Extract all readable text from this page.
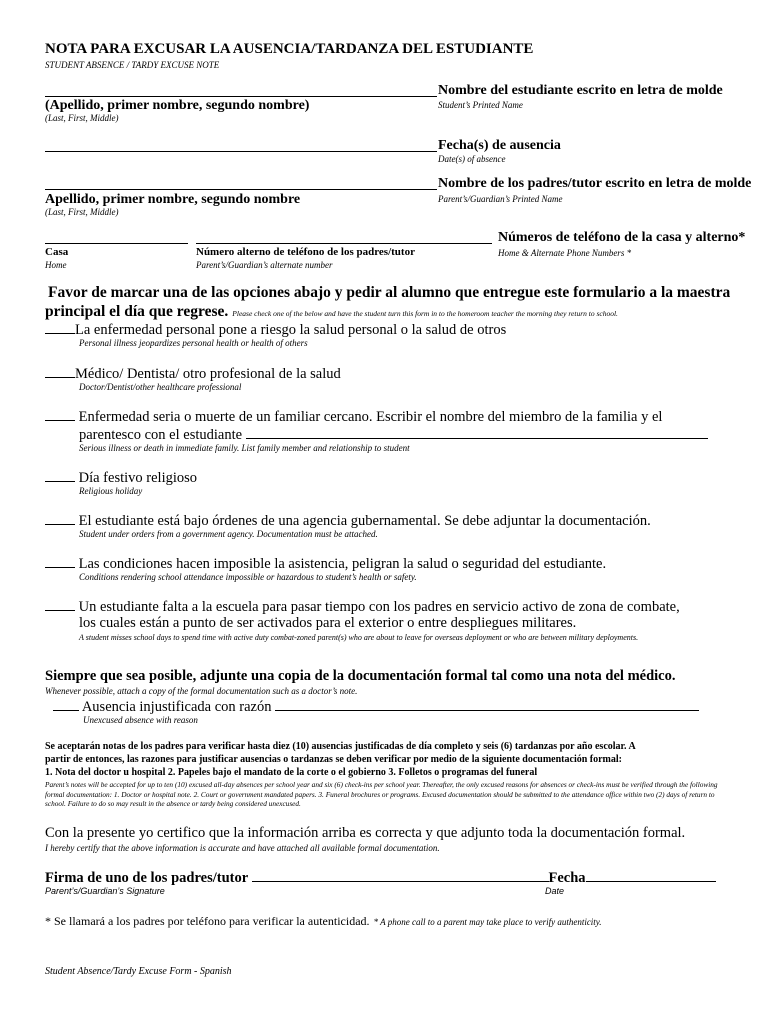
NOTA PARA EXCUSAR LA AUSENCIA/TARDANZA DEL ESTUDIANTE
STUDENT ABSENCE / TARDY EXCUSE NOTE
Nombre del estudiante escrito en letra de molde
(Apellido, primer nombre, segundo nombre)	Student’s Printed Name
(Last, First, Middle)
Fecha(s) de ausencia
Date(s) of absence
Nombre de los padres/tutor escrito en letra de molde
Apellido, primer nombre, segundo nombre	Parent’s/Guardian’s Printed Name
(Last, First, Middle)
Números de teléfono de la casa y alterno*
Casa	Número alterno de teléfono de los padres/tutor	Home & Alternate Phone Numbers *
Home	Parent’s/Guardian’s alternate number
Favor de marcar una de las opciones abajo y pedir al alumno que entregue este formulario a la maestra
principal el día que regrese. Please check one of the below and have the student turn this form in to the homeroom teacher the morning they return to school.
La enfermedad personal pone a riesgo la salud personal o la salud de otros
Personal illness jeopardizes personal health or health of others
Médico/ Dentista/ otro profesional de la salud
Doctor/Dentist/other healthcare professional
Enfermedad seria o muerte de un familiar cercano. Escribir el nombre del miembro de la familia y el
parentesco con el estudiante
Serious illness or death in immediate family. List family member and relationship to student
Día festivo religioso
Religious holiday
El estudiante está bajo órdenes de una agencia gubernamental. Se debe adjuntar la documentación.
Student under orders from a government agency. Documentation must be attached.
Las condiciones hacen imposible la asistencia, peligran la salud o seguridad del estudiante.
Conditions rendering school attendance impossible or hazardous to student’s health or safety.
Un estudiante falta a la escuela para pasar tiempo con los padres en servicio activo de zona de combate,
los cuales están a punto de ser activados para el exterior o entre despliegues militares.
A student misses school days to spend time with active duty combat-zoned parent(s) who are about to leave for overseas deployment or who are between military deployments.
Siempre que sea posible, adjunte una copia de la documentación formal tal como una nota del médico.
Whenever possible, attach a copy of the formal documentation such as a doctor’s note.
Ausencia injustificada con razón
Unexcused absence with reason
Se aceptarán notas de los padres para verificar hasta diez (10) ausencias justificadas de día completo y seis (6) tardanzas por año escolar. A
partir de entonces, las razones para justificar ausencias o tardanzas se deben verificar por medio de la siguiente documentación formal:
1. Nota del doctor u hospital 2. Papeles bajo el mandato de la corte o el gobierno 3. Folletos o programas del funeral
Parent’s notes will be accepted for up to ten (10) excused all-day absences per school year and six (6) check-ins per school year. Thereafter, the only excused reasons for absences or check-ins must be verified through the following formal documentation: 1. Doctor or hospital note. 2. Court or government mandated papers. 3. Funeral brochures or programs. Excused documentation should be submitted to the attendance office within two (2) days of return to school. Failure to do so may result in the absence or tardy being considered unexcused.
Con la presente yo certifico que la información arriba es correcta y que adjunto toda la documentación formal.
I hereby certify that the above information is accurate and have attached all available formal documentation.
Firma de uno de los padres/tutor	Fecha
Parent’s/Guardian’s Signature	Date
* Se llamará a los padres por teléfono para verificar la autenticidad. * A phone call to a parent may take place to verify authenticity.
Student Absence/Tardy Excuse Form - Spanish
